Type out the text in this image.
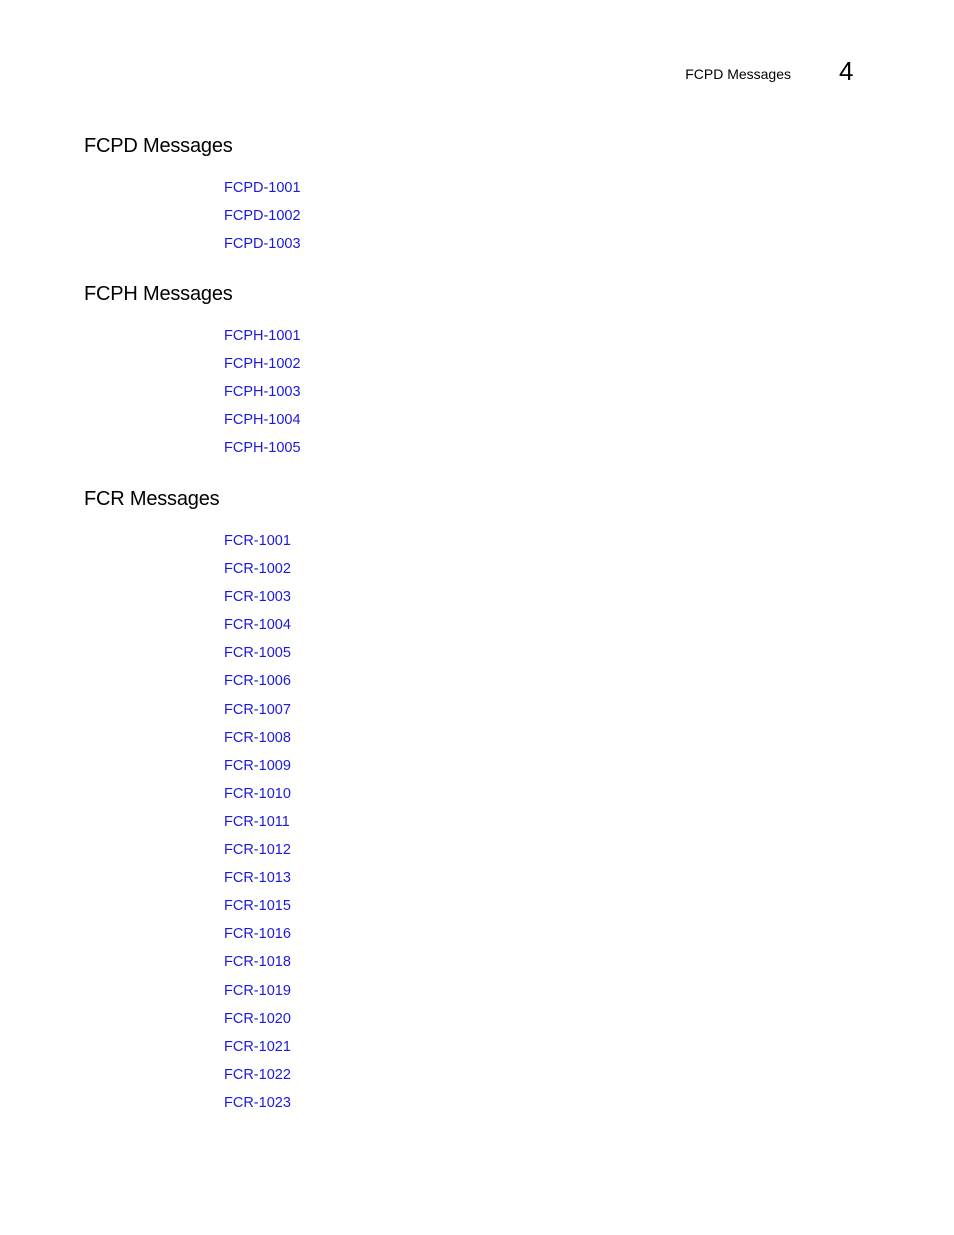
FCPD Messages 4
FCPD Messages
FCPD-1001
FCPD-1002
FCPD-1003
FCPH Messages
FCPH-1001
FCPH-1002
FCPH-1003
FCPH-1004
FCPH-1005
FCR Messages
FCR-1001
FCR-1002
FCR-1003
FCR-1004
FCR-1005
FCR-1006
FCR-1007
FCR-1008
FCR-1009
FCR-1010
FCR-1011
FCR-1012
FCR-1013
FCR-1015
FCR-1016
FCR-1018
FCR-1019
FCR-1020
FCR-1021
FCR-1022
FCR-1023
